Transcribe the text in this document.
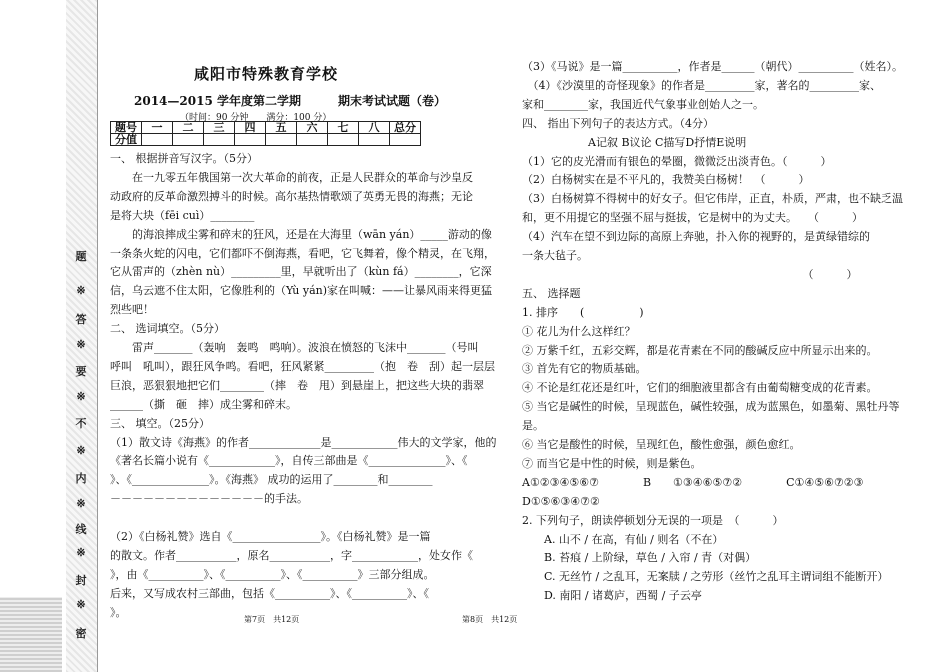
题
※
答
※
要
※
不
※
内
※
线
※
封
※
密
咸阳市特殊教育学校
2014—2015 学年度第二学期	期末考试试题（卷）
（时间：90 分钟　　满分：100 分）
题号	一	二	三	四	五	六	七	八	总分
分值									
一、 根据拼音写汉字。（5分）
　　在一九零五年俄国第一次大革命的前夜，正是人民群众的革命与沙皇反
动政府的反革命激烈搏斗的时候。高尔基热情歌颂了英勇无畏的海燕；无论
是将大块（fēi cuì）________
　　的海浪摔成尘雾和碎末的狂风，还是在大海里（wān yán）_____游动的像
一条条火蛇的闪电，它们都吓不倒海燕，看吧，它飞舞着，像个精灵，在飞翔，
它从雷声的（zhèn nù）_________里，早就听出了（kùn fá）________，它深
信，乌云遮不住太阳，它像胜利的（Yù yán)家在叫喊：——让暴风雨来得更猛
烈些吧！
二、 选词填空。（5分）
　　雷声_______（轰响　轰鸣　鸣响）。波浪在愤怒的飞沫中_______（号叫
呼叫　吼叫），跟狂风争鸣。看吧，狂风紧紧_________（抱　卷　刮）起一层层
巨浪，恶狠狠地把它们________（摔　卷　甩）到悬崖上，把这些大块的翡翠
______（撕　砸　摔）成尘雾和碎末。
三、 填空。（25分）
（1）散文诗《海燕》的作者_____________是____________伟大的文学家，他的
《著名长篇小说有《____________》，自传三部曲是《______________》、《
》、《______________》。《海燕》 成功的运用了________和________
－－－－－－－－－－－－－－的手法。
（2）《白杨礼赞》选自《________________》。《白杨礼赞》是一篇
的散文。作者___________，原名___________，字____________，处女作《
》，由《__________》、《__________》、《__________》三部分组成。
后来，又写成农村三部曲，包括《__________》、《__________》、《
》。
第7页　共12页
（3）《马说》是一篇__________，作者是______（朝代）__________（姓名）。
　（4）《沙漠里的奇怪现象》的作者是_________家，著名的_________家、
家和________家，我国近代气象事业创始人之一。
四、 指出下列句子的表达方式。（4分）
　　　　　　A记叙 B议论 C描写D抒情E说明
（1）它的皮光滑而有银色的晕圈，微微泛出淡青色。（　　　）
（2）白杨树实在是不平凡的，我赞美白杨树！　（　　　）
（3）白杨树算不得树中的好女子。但它伟岸，正直，朴质，严肃，也不缺乏温
和，更不用提它的坚强不屈与挺拔，它是树中的为丈夫。　　（　　　）
（4）汽车在望不到边际的高原上奔驰，扑入你的视野的，是黄绿错综的
一条大毡子。
　　　　　　　　　　　　　　　　　　　　　　　　　　（　　　）
五、 选择题
1. 排序　　(　　　　　)
① 花儿为什么这样红？
② 万紫千红，五彩交辉，都是花青素在不同的酸碱反应中所显示出来的。
③ 首先有它的物质基础。
④ 不论是红花还是红叶，它们的细胞液里都含有由葡萄糖变成的花青素。
⑤ 当它是碱性的时候，呈现蓝色，碱性较强，成为蓝黑色，如墨菊、黑牡丹等
是。
⑥ 当它是酸性的时候，呈现红色，酸性愈强，颜色愈红。
⑦ 而当它是中性的时候，则是紫色。
A①②③④⑤⑥⑦　　　　B　　①③④⑥⑤⑦②　　　　C①④⑤⑥⑦②③
D①⑤⑥③④⑦②
2. 下列句子，朗读停顿划分无误的一项是　（　　　）
　　A. 山不 / 在高，有仙 / 则名（不在）
　　B. 苔痕 / 上阶绿，草色 / 入帘 / 青（对偶）
　　C. 无丝竹 / 之乱耳，无案牍 / 之劳形（丝竹之乱耳主谓词组不能断开）
　　D. 南阳 / 诸葛庐，西蜀 / 子云亭
第8页　共12页
